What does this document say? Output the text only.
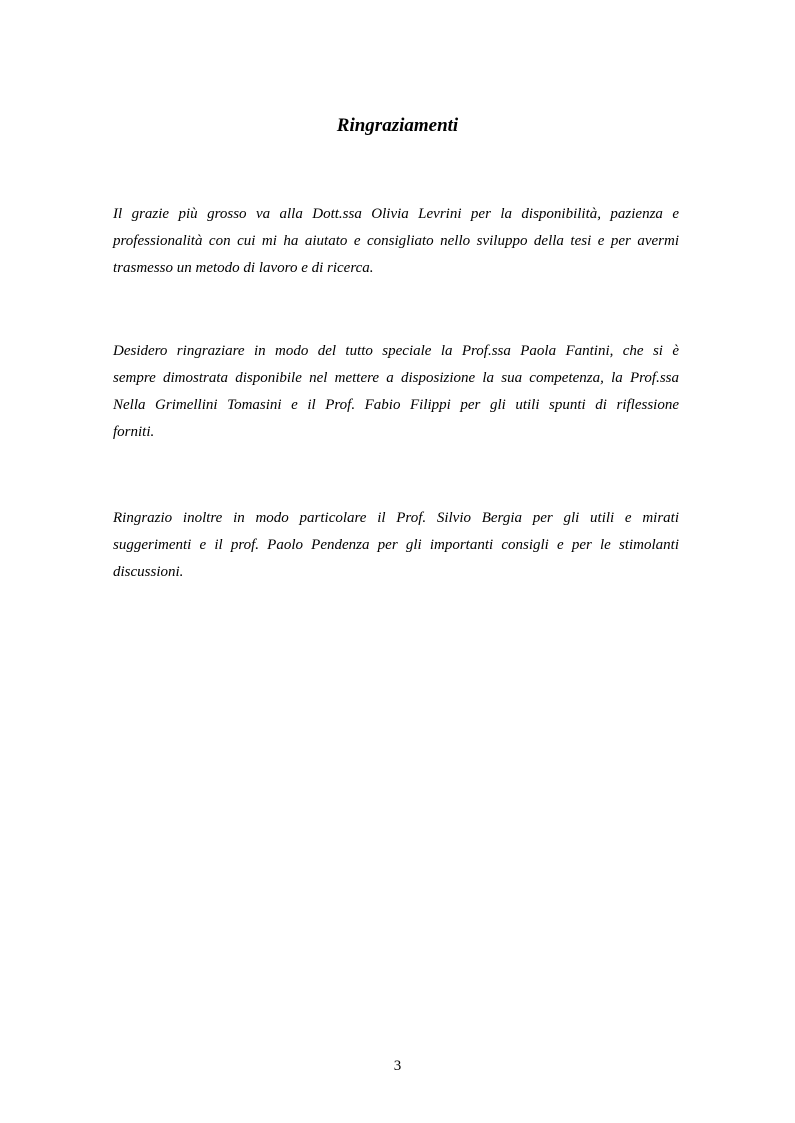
Ringraziamenti
Il grazie più grosso va alla Dott.ssa Olivia Levrini per la disponibilità, pazienza e
professionalità con cui mi ha aiutato e consigliato nello sviluppo della tesi e per avermi
trasmesso un metodo di lavoro e di ricerca.
Desidero ringraziare in modo del tutto speciale la Prof.ssa Paola Fantini, che si è
sempre dimostrata disponibile nel mettere a disposizione la sua competenza, la Prof.ssa
Nella Grimellini Tomasini e il Prof. Fabio Filippi per gli utili spunti di riflessione
forniti.
Ringrazio inoltre in modo particolare il Prof. Silvio Bergia per gli utili e mirati
suggerimenti e il prof. Paolo Pendenza per gli importanti consigli e per le stimolanti
discussioni.
3
